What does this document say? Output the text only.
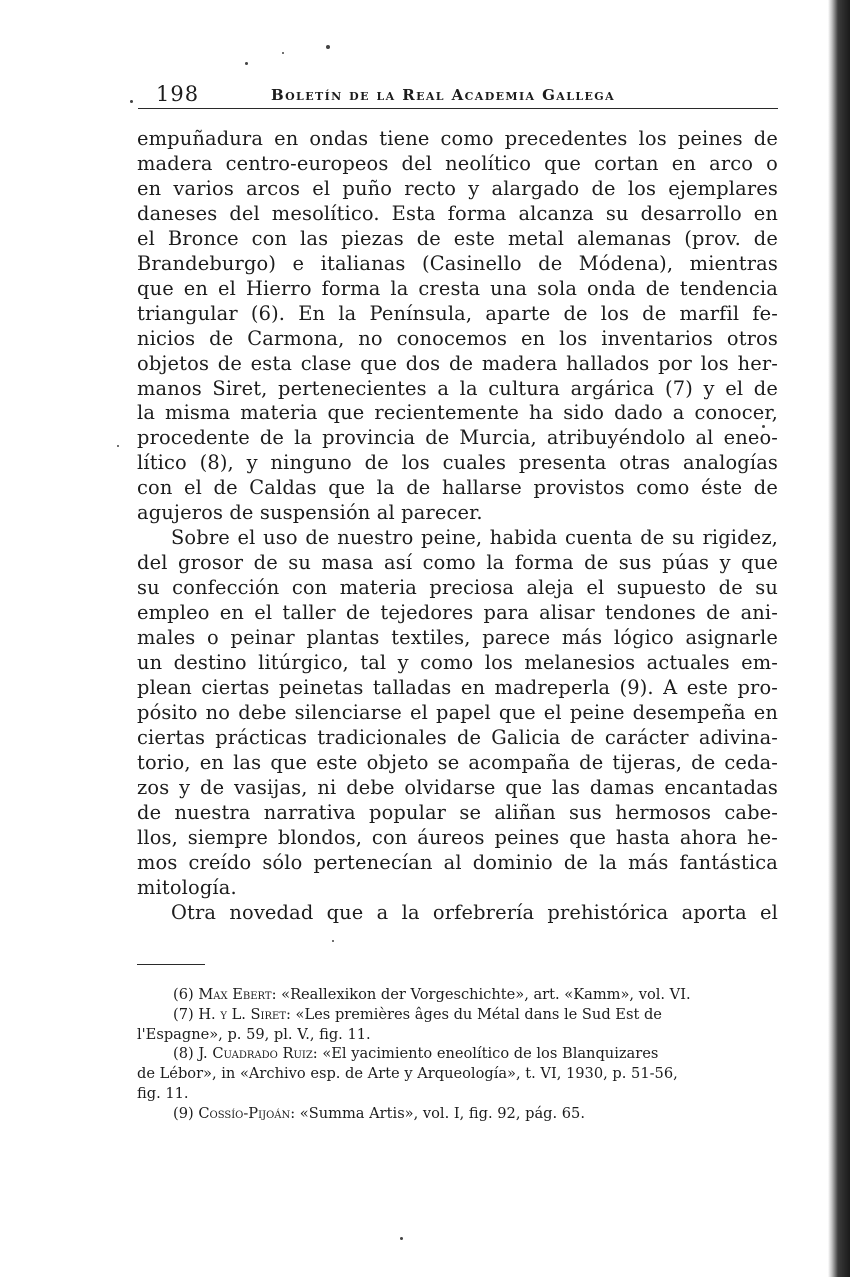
198	Boletín de la Real Academia Gallega
empuñadura en ondas tiene como precedentes los peines de
madera centro-europeos del neolítico que cortan en arco o
en varios arcos el puño recto y alargado de los ejemplares
daneses del mesolítico. Esta forma alcanza su desarrollo en
el Bronce con las piezas de este metal alemanas (prov. de
Brandeburgo) e italianas (Casinello de Módena), mientras
que en el Hierro forma la cresta una sola onda de tendencia
triangular (6). En la Península, aparte de los de marfil fe-
nicios de Carmona, no conocemos en los inventarios otros
objetos de esta clase que dos de madera hallados por los her-
manos Siret, pertenecientes a la cultura argárica (7) y el de
la misma materia que recientemente ha sido dado a conocer,
procedente de la provincia de Murcia, atribuyéndolo al eneo-
lítico (8), y ninguno de los cuales presenta otras analogías
con el de Caldas que la de hallarse provistos como éste de
agujeros de suspensión al parecer.
Sobre el uso de nuestro peine, habida cuenta de su rigidez,
del grosor de su masa así como la forma de sus púas y que
su confección con materia preciosa aleja el supuesto de su
empleo en el taller de tejedores para alisar tendones de ani-
males o peinar plantas textiles, parece más lógico asignarle
un destino litúrgico, tal y como los melanesios actuales em-
plean ciertas peinetas talladas en madreperla (9). A este pro-
pósito no debe silenciarse el papel que el peine desempeña en
ciertas prácticas tradicionales de Galicia de carácter adivina-
torio, en las que este objeto se acompaña de tijeras, de ceda-
zos y de vasijas, ni debe olvidarse que las damas encantadas
de nuestra narrativa popular se aliñan sus hermosos cabe-
llos, siempre blondos, con áureos peines que hasta ahora he-
mos creído sólo pertenecían al dominio de la más fantástica
mitología.
Otra novedad que a la orfebrería prehistórica aporta el
(6) Max Ebert: «Reallexikon der Vorgeschichte», art. «Kamm», vol. VI.
(7) H. y L. Siret: «Les premières âges du Métal dans le Sud Est de
l'Espagne», p. 59, pl. V., fig. 11.
(8) J. Cuadrado Ruiz: «El yacimiento eneolítico de los Blanquizares
de Lébor», in «Archivo esp. de Arte y Arqueología», t. VI, 1930, p. 51-56,
fig. 11.
(9) Cossío-Pijoán: «Summa Artis», vol. I, fig. 92, pág. 65.
